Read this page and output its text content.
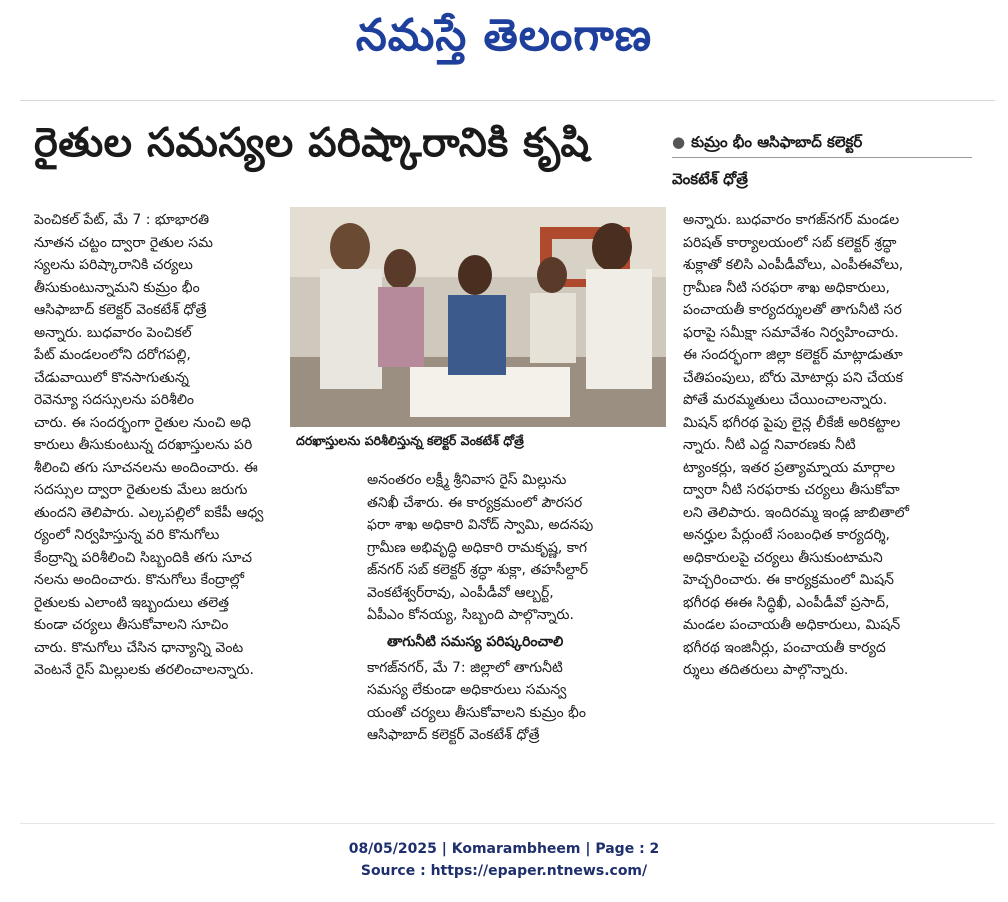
నమస్తే తెలంగాణ
రైతుల సమస్యల పరిష్కారానికి కృషి	● కుమ్రం భీం ఆసిఫాబాద్ కలెక్టర్
వెంకటేశ్ ధోత్రే

పెంచికల్ పేట్, మే 7 : భూభారతి

నూతన చట్టం ద్వారా రైతుల సమ

స్యలను పరిష్కారానికి చర్యలు

తీసుకుంటున్నామని కుమ్రం భీం

ఆసిఫాబాద్ కలెక్టర్ వెంకటేశ్ ధోత్రే

అన్నారు. బుధవారం పెంచికల్

పేట్ మండలంలోని దరోగపల్లి,

చేడువాయిలో కొనసాగుతున్న

రెవెన్యూ సదస్సులను పరిశీలిం

చారు. ఈ సందర్భంగా రైతుల నుంచి అధి

కారులు తీసుకుంటున్న దరఖాస్తులను పరి

శీలించి తగు సూచనలను అందించారు. ఈ

సదస్సుల ద్వారా రైతులకు మేలు జరుగు

తుందని తెలిపారు. ఎల్కపల్లిలో ఐకేపీ ఆధ్వ

ర్యంలో నిర్వహిస్తున్న వరి కొనుగోలు

కేంద్రాన్ని పరిశీలించి సిబ్బందికి తగు సూచ

నలను అందించారు. కొనుగోలు కేంద్రాల్లో

రైతులకు ఎలాంటి ఇబ్బందులు తలెత్త

కుండా చర్యలు తీసుకోవాలని సూచిం

చారు. కొనుగోలు చేసిన ధాన్యాన్ని వెంట

వెంటనే రైస్ మిల్లులకు తరలించాలన్నారు.

దరఖాస్తులను పరిశీలిస్తున్న కలెక్టర్ వెంకటేశ్ ధోత్రే

అనంతరం లక్ష్మీ శ్రీనివాస రైస్ మిల్లును

తనిఖీ చేశారు. ఈ కార్యక్రమంలో పౌరసర

ఫరా శాఖ అధికారి వినోద్ స్వామి, అదనపు

గ్రామీణ అభివృద్ధి అధికారి రామకృష్ణ, కాగ

జ్‌నగర్ సబ్ కలెక్టర్ శ్రద్ధా శుక్లా, తహసీల్దార్

వెంకటేశ్వర్‌రావు, ఎంపీడీవో ఆల్బర్ట్,

ఏపీఎం కోనయ్య, సిబ్బంది పాల్గొన్నారు.

తాగునీటి సమస్య పరిష్కరించాలి

కాగజ్‌నగర్, మే 7: జిల్లాలో తాగునీటి

సమస్య లేకుండా అధికారులు సమన్వ

యంతో చర్యలు తీసుకోవాలని కుమ్రం భీం

ఆసిఫాబాద్ కలెక్టర్ వెంకటేశ్ ధోత్రే

అన్నారు. బుధవారం కాగజ్‌నగర్ మండల

పరిషత్ కార్యాలయంలో సబ్ కలెక్టర్ శ్రద్ధా

శుక్లాతో కలిసి ఎంపీడీవోలు, ఎంపీఈవోలు,

గ్రామీణ నీటి సరఫరా శాఖ అధికారులు,

పంచాయతీ కార్యదర్శులతో తాగునీటి సర

ఫరాపై సమీక్షా సమావేశం నిర్వహించారు.

ఈ సందర్భంగా జిల్లా కలెక్టర్ మాట్లాడుతూ

చేతిపంపులు, బోరు మోటార్లు పని చేయక

పోతే మరమ్మతులు చేయించాలన్నారు.

మిషన్ భగీరథ పైపు లైన్ల లీకేజీ అరికట్టాల

న్నారు. నీటి ఎద్ద నివారణకు నీటి

ట్యాంకర్లు, ఇతర ప్రత్యామ్నాయ మార్గాల

ద్వారా నీటి సరఫరాకు చర్యలు తీసుకోవా

లని తెలిపారు. ఇందిరమ్మ ఇండ్ల జాబితాలో

అనర్హుల పేర్లుంటే సంబంధిత కార్యదర్శి,

అధికారులపై చర్యలు తీసుకుంటామని

హెచ్చరించారు. ఈ కార్యక్రమంలో మిషన్

భగీరథ ఈఈ సిద్ధిఖీ, ఎంపీడీవో ప్రసాద్,

మండల పంచాయతీ అధికారులు, మిషన్

భగీరథ ఇంజినీర్లు, పంచాయతీ కార్యద

ర్శులు తదితరులు పాల్గొన్నారు.

08/05/2025 | Komarambheem | Page : 2
Source : https://epaper.ntnews.com/
